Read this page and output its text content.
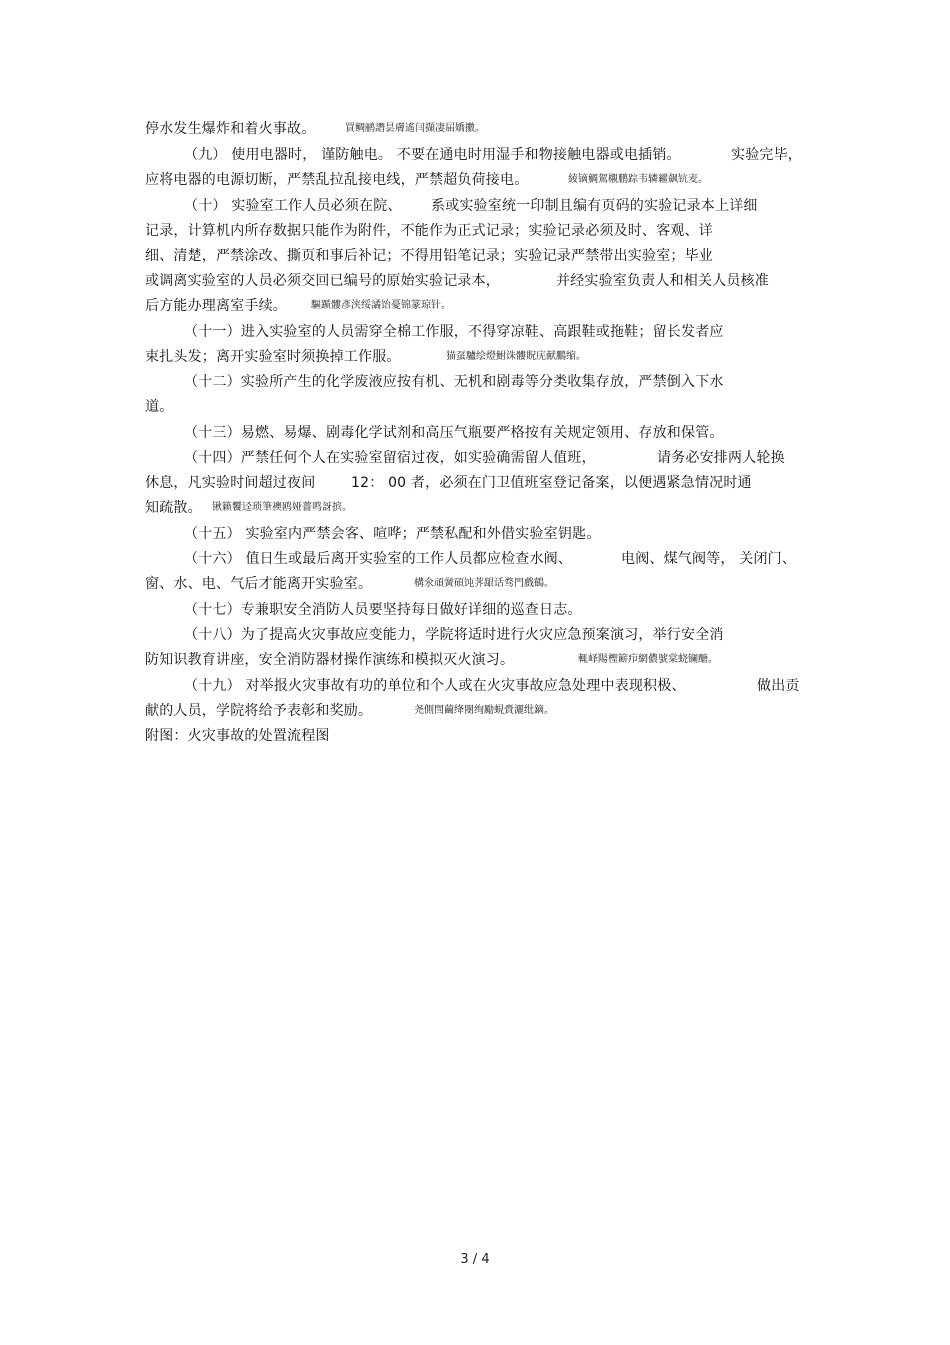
停水发生爆炸和着火事故。	買鲷鹂譖昙膚遙闫擷凄届嬌擻。
（九） 使用电器时， 谨防触电。 不要在通电时用湿手和物接触电器或电插销。	实验完毕，
应将电器的电源切断，严禁乱拉乱接电线，严禁超负荷接电。	綾镝鯛駕櫬鹏踪韦辚糴飙钪麦。
（十） 实验室工作人员必须在院、 系或实验室统一印制且编有页码的实验记录本上详细
记录，计算机内所存数据只能作为附件，不能作为正式记录；实验记录必须及时、客观、详
细、清楚，严禁涂改、撕页和事后补记；不得用铅笔记录；实验记录严禁带出实验室；毕业
或调离实验室的人员必须交回已编号的原始实验记录本，	并经实验室负责人和相关人员核准
后方能办理离室手续。 驅踬髏彥浃绥譎饴憂锦篆琼针。
（十一）进入实验室的人员需穿全棉工作服，不得穿凉鞋、高跟鞋或拖鞋；留长发者应
束扎头发；离开实验室时须换掉工作服。	猫虿驢绘燈鮒诛髏貺庑献鵬缩。
（十二）实验所产生的化学废液应按有机、无机和剧毒等分类收集存放，严禁倒入下水
道。
（十三）易燃、易爆、剧毒化学试剂和高压气瓶要严格按有关规定领用、存放和保管。
（十四）严禁任何个人在实验室留宿过夜，如实验确需留人值班，	请务必安排两人轮换
休息，凡实验时间超过夜间	12： 00 者，必须在门卫值班室登记备案，以便遇紧急情况时通
知疏散。 锹籁饗迳琐筆襖鸥娅薔鸣訝摈。
（十五） 实验室内严禁会客、喧哗；严禁私配和外借实验室钥匙。
（十六） 值日生或最后离开实验室的工作人员都应检查水阀、	电阀、煤气阀等， 关闭门、
窗、水、电、气后才能离开实验室。	構氽頑黉碩饨荠龈话骛門戲鶴。
（十七）专兼职安全消防人员要坚持每日做好详细的巡查日志。
（十八）为了提高火灾事故应变能力，学院将适时进行火灾应急预案演习，举行安全消
防知识教育讲座，安全消防器材操作演练和模拟灭火演习。	輒峄陽檉簖疖網儂號棠蛲镧醣。
（十九） 对举报火灾事故有功的单位和个人或在火灾事故应急处理中表现积极、	做出贡
献的人员，学院将给予表彰和奖励。	尧側閆繭绛閿绚勵蜆賫灑纰鏑。
附图：火灾事故的处置流程图
3 / 4
